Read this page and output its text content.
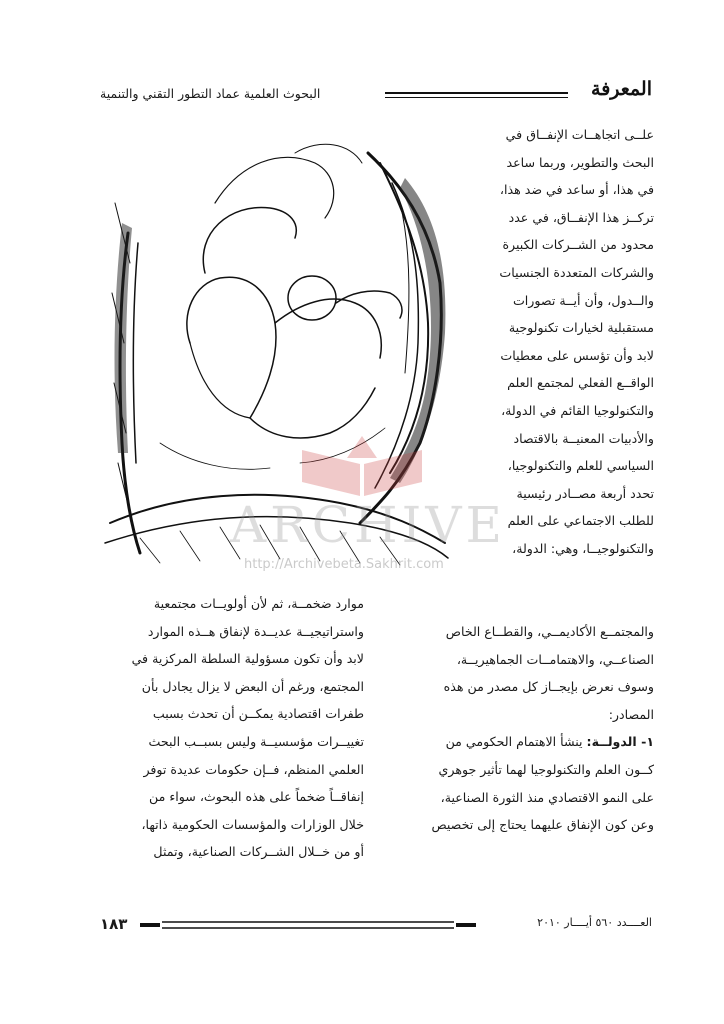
المعرفة
البحوث العلمية عماد التطور التقني والتنمية
ARCHIVE
http://Archivebeta.Sakhrit.com
علــى اتجاهــات الإنفــاق في
البحث والتطوير، وربما ساعد
في هذا، أو ساعد في ضد هذا،
تركــز هذا الإنفــاق، في عدد
محدود من الشــركات الكبيرة
والشركات المتعددة الجنسيات
والــدول، وأن أيــة تصورات
مستقبلية لخيارات تكنولوجية
لابد وأن تؤسس على معطيات
الواقــع الفعلي لمجتمع العلم
والتكنولوجيا القائم في الدولة،
والأدبيات المعنيــة بالاقتصاد
السياسي للعلم والتكنولوجيا،
تحدد أربعة مصــادر رئيسية
للطلب الاجتماعي على العلم
والتكنولوجيــا، وهي: الدولة،
والمجتمــع الأكاديمــي، والقطــاع الخاص
الصناعــي، والاهتمامــات الجماهيريــة،
وسوف نعرض بإيجــاز كل مصدر من هذه
المصادر:
١- الدولــة: ينشأ الاهتمام الحكومي من
كــون العلم والتكنولوجيا لهما تأثير جوهري
على النمو الاقتصادي منذ الثورة الصناعية،
وعن كون الإنفاق عليهما يحتاج إلى تخصيص
موارد ضخمــة، ثم لأن أولويــات مجتمعية
واستراتيجيــة عديــدة لإنفاق هــذه الموارد
لابد وأن تكون مسؤولية السلطة المركزية في
المجتمع، ورغم أن البعض لا يزال يجادل بأن
طفرات اقتصادية يمكــن أن تحدث بسبب
تغييــرات مؤسسيــة وليس بسبــب البحث
العلمي المنظم، فــإن حكومات عديدة توفر
إنفاقــاً ضخماً على هذه البحوث، سواء من
خلال الوزارات والمؤسسات الحكومية ذاتها،
أو من خــلال الشــركات الصناعية، وتمثل
١٨٣	العــــدد ٥٦٠ أيــــار ٢٠١٠
